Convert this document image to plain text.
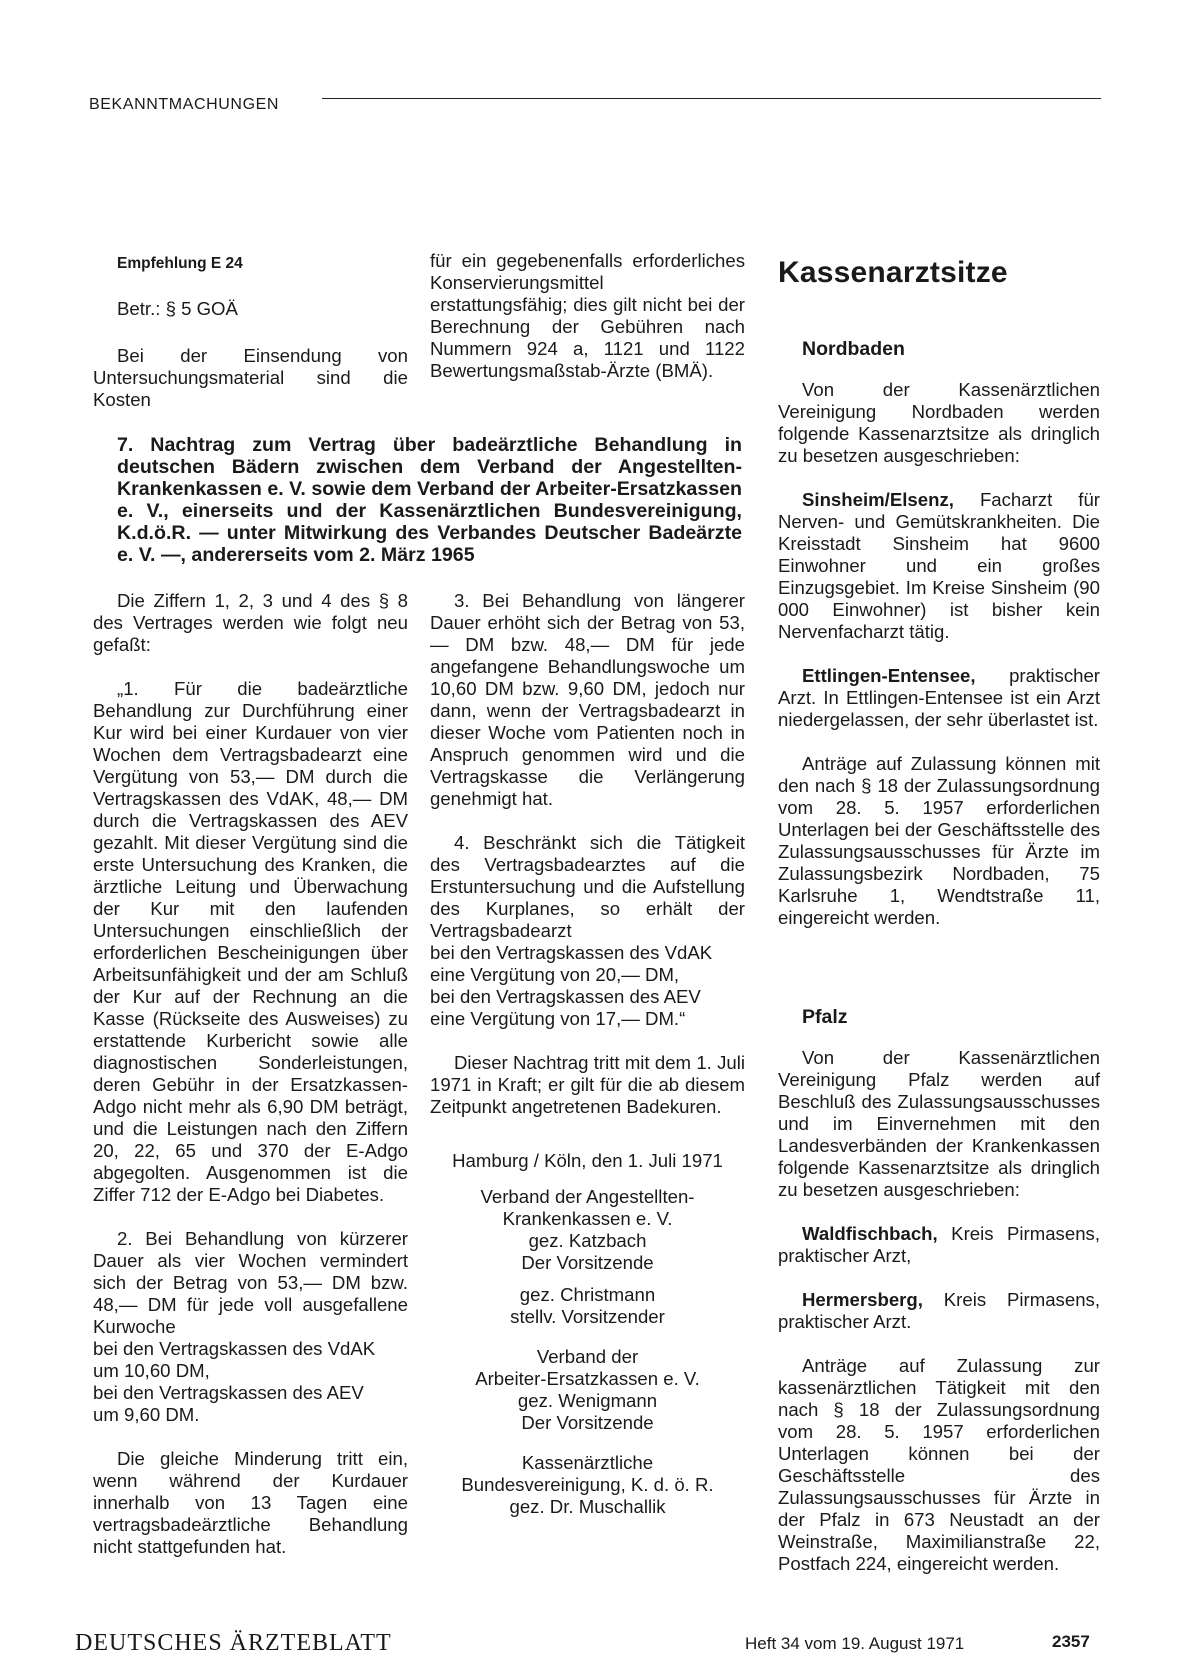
BEKANNTMACHUNGEN
Empfehlung E 24
Betr.: § 5 GOÄ
Bei der Einsendung von Untersuchungsmaterial sind die Kosten
für ein gegebenenfalls erforderliches Konservierungsmittel erstattungsfähig; dies gilt nicht bei der Berechnung der Gebühren nach Nummern 924 a, 1121 und 1122 Bewertungsmaßstab-Ärzte (BMÄ).
7. Nachtrag zum Vertrag über badeärztliche Behandlung in deutschen Bädern zwischen dem Verband der Angestellten-Krankenkassen e. V. sowie dem Verband der Arbeiter-Ersatzkassen e. V., einerseits und der Kassenärztlichen Bundesvereinigung, K.d.ö.R. — unter Mitwirkung des Verbandes Deutscher Badeärzte e. V. —, andererseits vom 2. März 1965
Die Ziffern 1, 2, 3 und 4 des § 8 des Vertrages werden wie folgt neu gefaßt:
„1. Für die badeärztliche Behandlung zur Durchführung einer Kur wird bei einer Kurdauer von vier Wochen dem Vertragsbadearzt eine Vergütung von 53,— DM durch die Vertragskassen des VdAK, 48,— DM durch die Vertragskassen des AEV gezahlt. Mit dieser Vergütung sind die erste Untersuchung des Kranken, die ärztliche Leitung und Überwachung der Kur mit den laufenden Untersuchungen einschließlich der erforderlichen Bescheinigungen über Arbeitsunfähigkeit und der am Schluß der Kur auf der Rechnung an die Kasse (Rückseite des Ausweises) zu erstattende Kurbericht sowie alle diagnostischen Sonderleistungen, deren Gebühr in der Ersatzkassen-Adgo nicht mehr als 6,90 DM beträgt, und die Leistungen nach den Ziffern 20, 22, 65 und 370 der E-Adgo abgegolten. Ausgenommen ist die Ziffer 712 der E-Adgo bei Diabetes.
2. Bei Behandlung von kürzerer Dauer als vier Wochen vermindert sich der Betrag von 53,— DM bzw. 48,— DM für jede voll ausgefallene Kurwoche
bei den Vertragskassen des VdAK
um 10,60 DM,
bei den Vertragskassen des AEV
um 9,60 DM.
Die gleiche Minderung tritt ein, wenn während der Kurdauer innerhalb von 13 Tagen eine vertragsbadeärztliche Behandlung nicht stattgefunden hat.
3. Bei Behandlung von längerer Dauer erhöht sich der Betrag von 53,— DM bzw. 48,— DM für jede angefangene Behandlungswoche um 10,60 DM bzw. 9,60 DM, jedoch nur dann, wenn der Vertragsbadearzt in dieser Woche vom Patienten noch in Anspruch genommen wird und die Vertragskasse die Verlängerung genehmigt hat.
4. Beschränkt sich die Tätigkeit des Vertragsbadearztes auf die Erstuntersuchung und die Aufstellung des Kurplanes, so erhält der Vertragsbadearzt
bei den Vertragskassen des VdAK
eine Vergütung von 20,— DM,
bei den Vertragskassen des AEV
eine Vergütung von 17,— DM.“
Dieser Nachtrag tritt mit dem 1. Juli 1971 in Kraft; er gilt für die ab diesem Zeitpunkt angetretenen Badekuren.
Hamburg / Köln, den 1. Juli 1971
Verband der Angestellten-
Krankenkassen e. V.
gez. Katzbach
Der Vorsitzende
gez. Christmann
stellv. Vorsitzender
Verband der
Arbeiter-Ersatzkassen e. V.
gez. Wenigmann
Der Vorsitzende
Kassenärztliche
Bundesvereinigung, K. d. ö. R.
gez. Dr. Muschallik
Kassenarztsitze
Nordbaden
Von der Kassenärztlichen Vereinigung Nordbaden werden folgende Kassenarztsitze als dringlich zu besetzen ausgeschrieben:
Sinsheim/Elsenz, Facharzt für Nerven- und Gemütskrankheiten. Die Kreisstadt Sinsheim hat 9600 Einwohner und ein großes Einzugsgebiet. Im Kreise Sinsheim (90 000 Einwohner) ist bisher kein Nervenfacharzt tätig.
Ettlingen-Entensee, praktischer Arzt. In Ettlingen-Entensee ist ein Arzt niedergelassen, der sehr überlastet ist.
Anträge auf Zulassung können mit den nach § 18 der Zulassungsordnung vom 28. 5. 1957 erforderlichen Unterlagen bei der Geschäftsstelle des Zulassungsausschusses für Ärzte im Zulassungsbezirk Nordbaden, 75 Karlsruhe 1, Wendtstraße 11, eingereicht werden.
Pfalz
Von der Kassenärztlichen Vereinigung Pfalz werden auf Beschluß des Zulassungsausschusses und im Einvernehmen mit den Landesverbänden der Krankenkassen folgende Kassenarztsitze als dringlich zu besetzen ausgeschrieben:
Waldfischbach, Kreis Pirmasens, praktischer Arzt,
Hermersberg, Kreis Pirmasens, praktischer Arzt.
Anträge auf Zulassung zur kassenärztlichen Tätigkeit mit den nach § 18 der Zulassungsordnung vom 28. 5. 1957 erforderlichen Unterlagen können bei der Geschäftsstelle des Zulassungsausschusses für Ärzte in der Pfalz in 673 Neustadt an der Weinstraße, Maximilianstraße 22, Postfach 224, eingereicht werden.
DEUTSCHES ÄRZTEBLATT	Heft 34 vom 19. August 1971	2357
